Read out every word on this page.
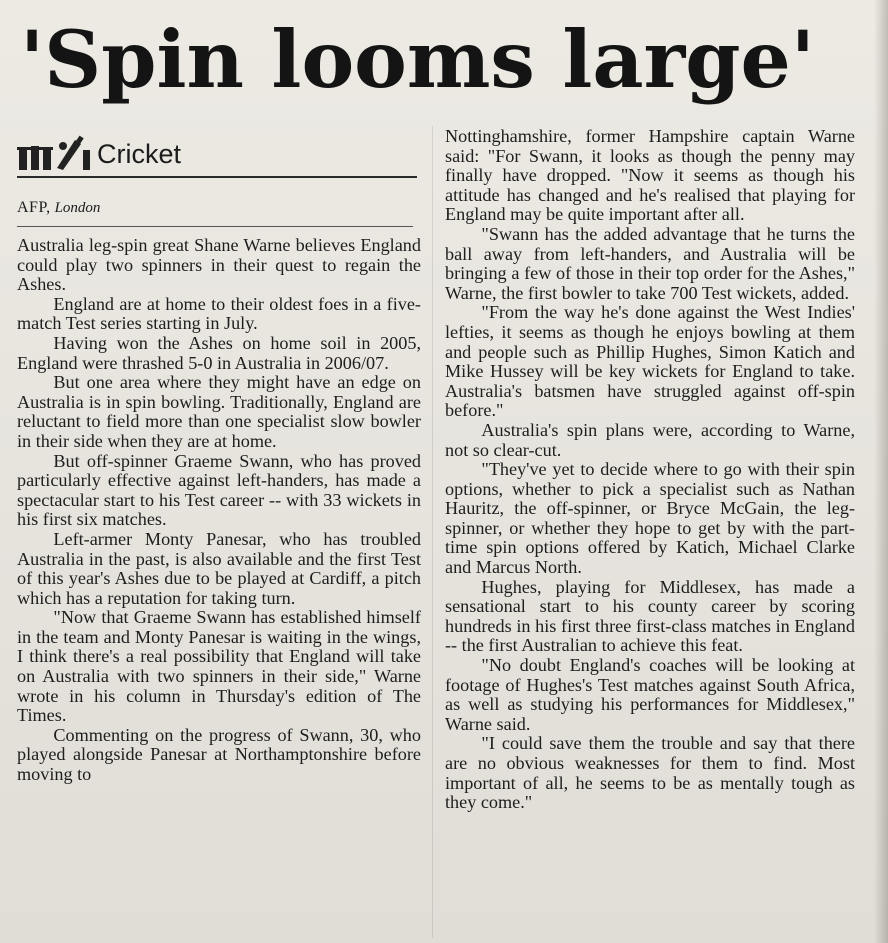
'Spin looms large'
Cricket
AFP, London

Australia leg-spin great Shane Warne believes England could play two spinners in their quest to regain the Ashes.

England are at home to their oldest foes in a five-match Test series starting in July.

Having won the Ashes on home soil in 2005, England were thrashed 5-0 in Australia in 2006/07.

But one area where they might have an edge on Australia is in spin bowling. Traditionally, England are reluctant to field more than one specialist slow bowler in their side when they are at home.

But off-spinner Graeme Swann, who has proved particularly effective against left-handers, has made a spectacular start to his Test career -- with 33 wickets in his first six matches.

Left-armer Monty Panesar, who has troubled Australia in the past, is also available and the first Test of this year's Ashes due to be played at Cardiff, a pitch which has a reputation for taking turn.

"Now that Graeme Swann has established himself in the team and Monty Panesar is waiting in the wings, I think there's a real possibility that England will take on Australia with two spinners in their side," Warne wrote in his column in Thursday's edition of The Times.

Commenting on the progress of Swann, 30, who played alongside Panesar at Northamptonshire before moving to

Nottinghamshire, former Hampshire captain Warne said: "For Swann, it looks as though the penny may finally have dropped. "Now it seems as though his attitude has changed and he's realised that playing for England may be quite important after all.

"Swann has the added advantage that he turns the ball away from left-handers, and Australia will be bringing a few of those in their top order for the Ashes," Warne, the first bowler to take 700 Test wickets, added.

"From the way he's done against the West Indies' lefties, it seems as though he enjoys bowling at them and people such as Phillip Hughes, Simon Katich and Mike Hussey will be key wickets for England to take. Australia's batsmen have struggled against off-spin before."

Australia's spin plans were, according to Warne, not so clear-cut.

"They've yet to decide where to go with their spin options, whether to pick a specialist such as Nathan Hauritz, the off-spinner, or Bryce McGain, the leg-spinner, or whether they hope to get by with the part-time spin options offered by Katich, Michael Clarke and Marcus North.

Hughes, playing for Middlesex, has made a sensational start to his county career by scoring hundreds in his first three first-class matches in England -- the first Australian to achieve this feat.

"No doubt England's coaches will be looking at footage of Hughes's Test matches against South Africa, as well as studying his performances for Middlesex," Warne said.

"I could save them the trouble and say that there are no obvious weaknesses for them to find. Most important of all, he seems to be as mentally tough as they come."
